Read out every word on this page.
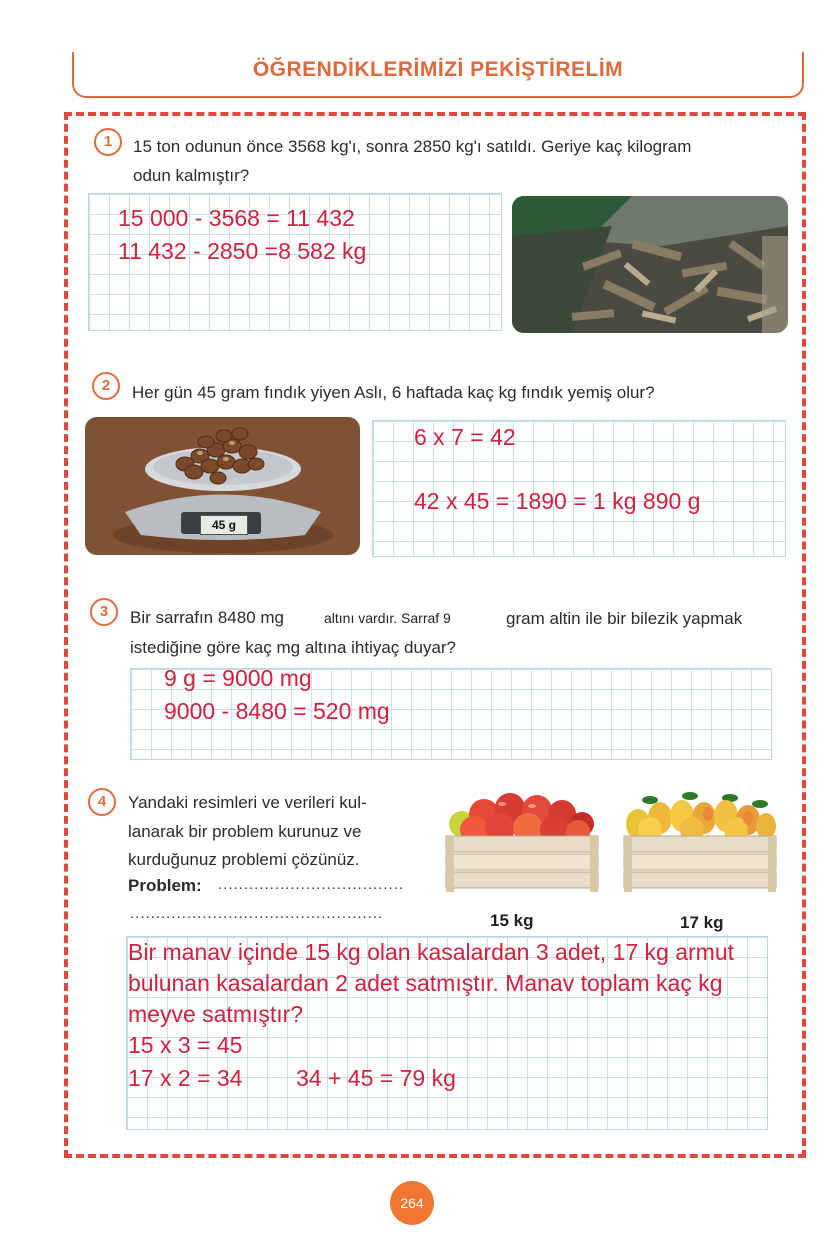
ÖĞRENDİKLERİMİZİ PEKİŞTİRELİM
1	15 ton odunun önce 3568 kg'ı, sonra 2850 kg'ı satıldı. Geriye kaç kilogram
odun kalmıştır?
15 000 - 3568 = 11 432
11 432 - 2850 =8 582 kg
2	Her gün 45 gram fındık yiyen Aslı, 6 haftada kaç kg fındık yemiş olur?
45 g
6 x 7 = 42
42 x 45 = 1890 = 1 kg 890 g
3	Bir sarrafın 8480 mg	altını vardır. Sarraf 9	gram altin ile bir bilezik yapmak
istediğine göre kaç mg altına ihtiyaç duyar?
9 g = 9000 mg
9000 - 8480 = 520 mg
4	Yandaki resimleri ve verileri kul-
lanarak bir problem kurunuz ve
kurduğunuz problemi çözünüz.
Problem: ....................................
.................................................	15 kg	17 kg
Bir manav içinde 15 kg olan kasalardan 3 adet, 17 kg armut
bulunan kasalardan 2 adet satmıştır. Manav toplam kaç kg
meyve satmıştır?
15 x 3 = 45
17 x 2 = 34 34 + 45 = 79 kg
264
